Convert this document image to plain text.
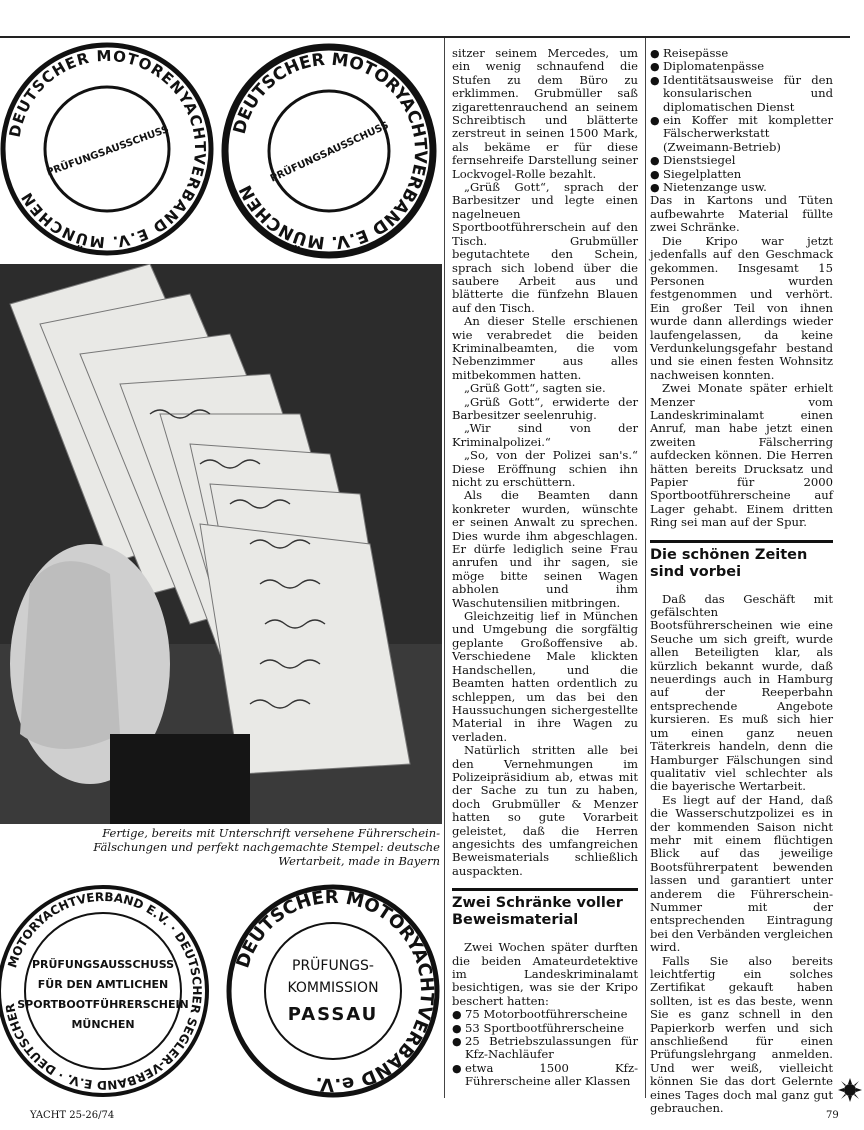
DEUTSCHER MOTORENYACHTVERBAND E.V. MÜNCHEN
PRÜFUNGSAUSSCHUSS	DEUTSCHER MOTORYACHTVERBAND E.V. MÜNCHEN
PRÜFUNGSAUSSCHUSS
Fertige, bereits mit Unterschrift versehene Führerschein-Fälschungen und perfekt nachgemachte Stempel: deutsche Wertarbeit, made in Bayern
MOTORYACHTVERBAND E.V. · DEUTSCHER SEGLER-VERBAND E.V. · DEUTSCHER
PRÜFUNGSAUSSCHUSS
FÜR DEN AMTLICHEN
SPORTBOOTFÜHRERSCHEIN
MÜNCHEN
DEUTSCHER MOTORYACHTVERBAND e.V.
PRÜFUNGS-
KOMMISSION
PASSAU

sitzer seinem Mercedes, um ein wenig schnaufend die Stufen zu dem Büro zu erklimmen. Grubmüller saß zigarettenrauchend an seinem Schreibtisch und blätterte zerstreut in seinen 1500 Mark, als bekäme er für diese fernsehreife Darstellung seiner Lockvogel-Rolle bezahlt.

„Grüß Gott“, sprach der Barbesitzer und legte einen nagelneuen Sportbootführerschein auf den Tisch. Grubmüller begutachtete den Schein, sprach sich lobend über die saubere Arbeit aus und blätterte die fünfzehn Blauen auf den Tisch.

An dieser Stelle erschienen wie verabredet die beiden Kriminalbeamten, die vom Nebenzimmer aus alles mitbekommen hatten.

„Grüß Gott“, sagten sie.

„Grüß Gott“, erwiderte der Barbesitzer seelenruhig.

„Wir sind von der Kriminalpolizei.“

„So, von der Polizei san's.“ Diese Eröffnung schien ihn nicht zu erschüttern.

Als die Beamten dann konkreter wurden, wünschte er seinen Anwalt zu sprechen. Dies wurde ihm abgeschlagen. Er dürfe lediglich seine Frau anrufen und ihr sagen, sie möge bitte seinen Wagen abholen und ihm Waschutensilien mitbringen.

Gleichzeitig lief in München und Umgebung die sorgfältig geplante Großoffensive ab. Verschiedene Male klickten Handschellen, und die Beamten hatten ordentlich zu schleppen, um das bei den Haussuchungen sichergestellte Material in ihre Wagen zu verladen.

Natürlich stritten alle bei den Vernehmungen im Polizeipräsidium ab, etwas mit der Sache zu tun zu haben, doch Grubmüller & Menzer hatten so gute Vorarbeit geleistet, daß die Herren angesichts des umfangreichen Beweismaterials schließlich auspackten.

Zwei Schränke voller Beweismaterial

Zwei Wochen später durften die beiden Amateurdetektive im Landeskriminalamt besichtigen, was sie der Kripo beschert hatten:

● 75 Motorbootführerscheine
● 53 Sportbootführerscheine
● 25 Betriebszulassungen für Kfz-Nachläufer
● etwa 1500 Kfz-Führerscheine aller Klassen
● Reisepässe
● Diplomatenpässe
● Identitätsausweise für den konsularischen und diplomatischen Dienst
● ein Koffer mit kompletter Fälscherwerkstatt (Zweimann-Betrieb)
● Dienstsiegel
● Siegelplatten
● Nietenzange usw.

Das in Kartons und Tüten aufbewahrte Material füllte zwei Schränke.

Die Kripo war jetzt jedenfalls auf den Geschmack gekommen. Insgesamt 15 Personen wurden festgenommen und verhört. Ein großer Teil von ihnen wurde dann allerdings wieder laufengelassen, da keine Verdunkelungsgefahr bestand und sie einen festen Wohnsitz nachweisen konnten.

Zwei Monate später erhielt Menzer vom Landeskriminalamt einen Anruf, man habe jetzt einen zweiten Fälscherring aufdecken können. Die Herren hätten bereits Drucksatz und Papier für 2000 Sportbootführerscheine auf Lager gehabt. Einem dritten Ring sei man auf der Spur.

Die schönen Zeiten sind vorbei

Daß das Geschäft mit gefälschten Bootsführerscheinen wie eine Seuche um sich greift, wurde allen Beteiligten klar, als kürzlich bekannt wurde, daß neuerdings auch in Hamburg auf der Reeperbahn entsprechende Angebote kursieren. Es muß sich hier um einen ganz neuen Täterkreis handeln, denn die Hamburger Fälschungen sind qualitativ viel schlechter als die bayerische Wertarbeit.

Es liegt auf der Hand, daß die Wasserschutzpolizei es in der kommenden Saison nicht mehr mit einem flüchtigen Blick auf das jeweilige Bootsführerpatent bewenden lassen und garantiert unter anderem die Führerschein-Nummer mit der entsprechenden Eintragung bei den Verbänden vergleichen wird.

Falls Sie also bereits leichtfertig ein solches Zertifikat gekauft haben sollten, ist es das beste, wenn Sie es ganz schnell in den Papierkorb werfen und sich anschließend für einen Prüfungslehrgang anmelden. Und wer weiß, vielleicht können Sie das dort Gelernte eines Tages doch mal ganz gut gebrauchen.

YACHT 25-26/74	79
